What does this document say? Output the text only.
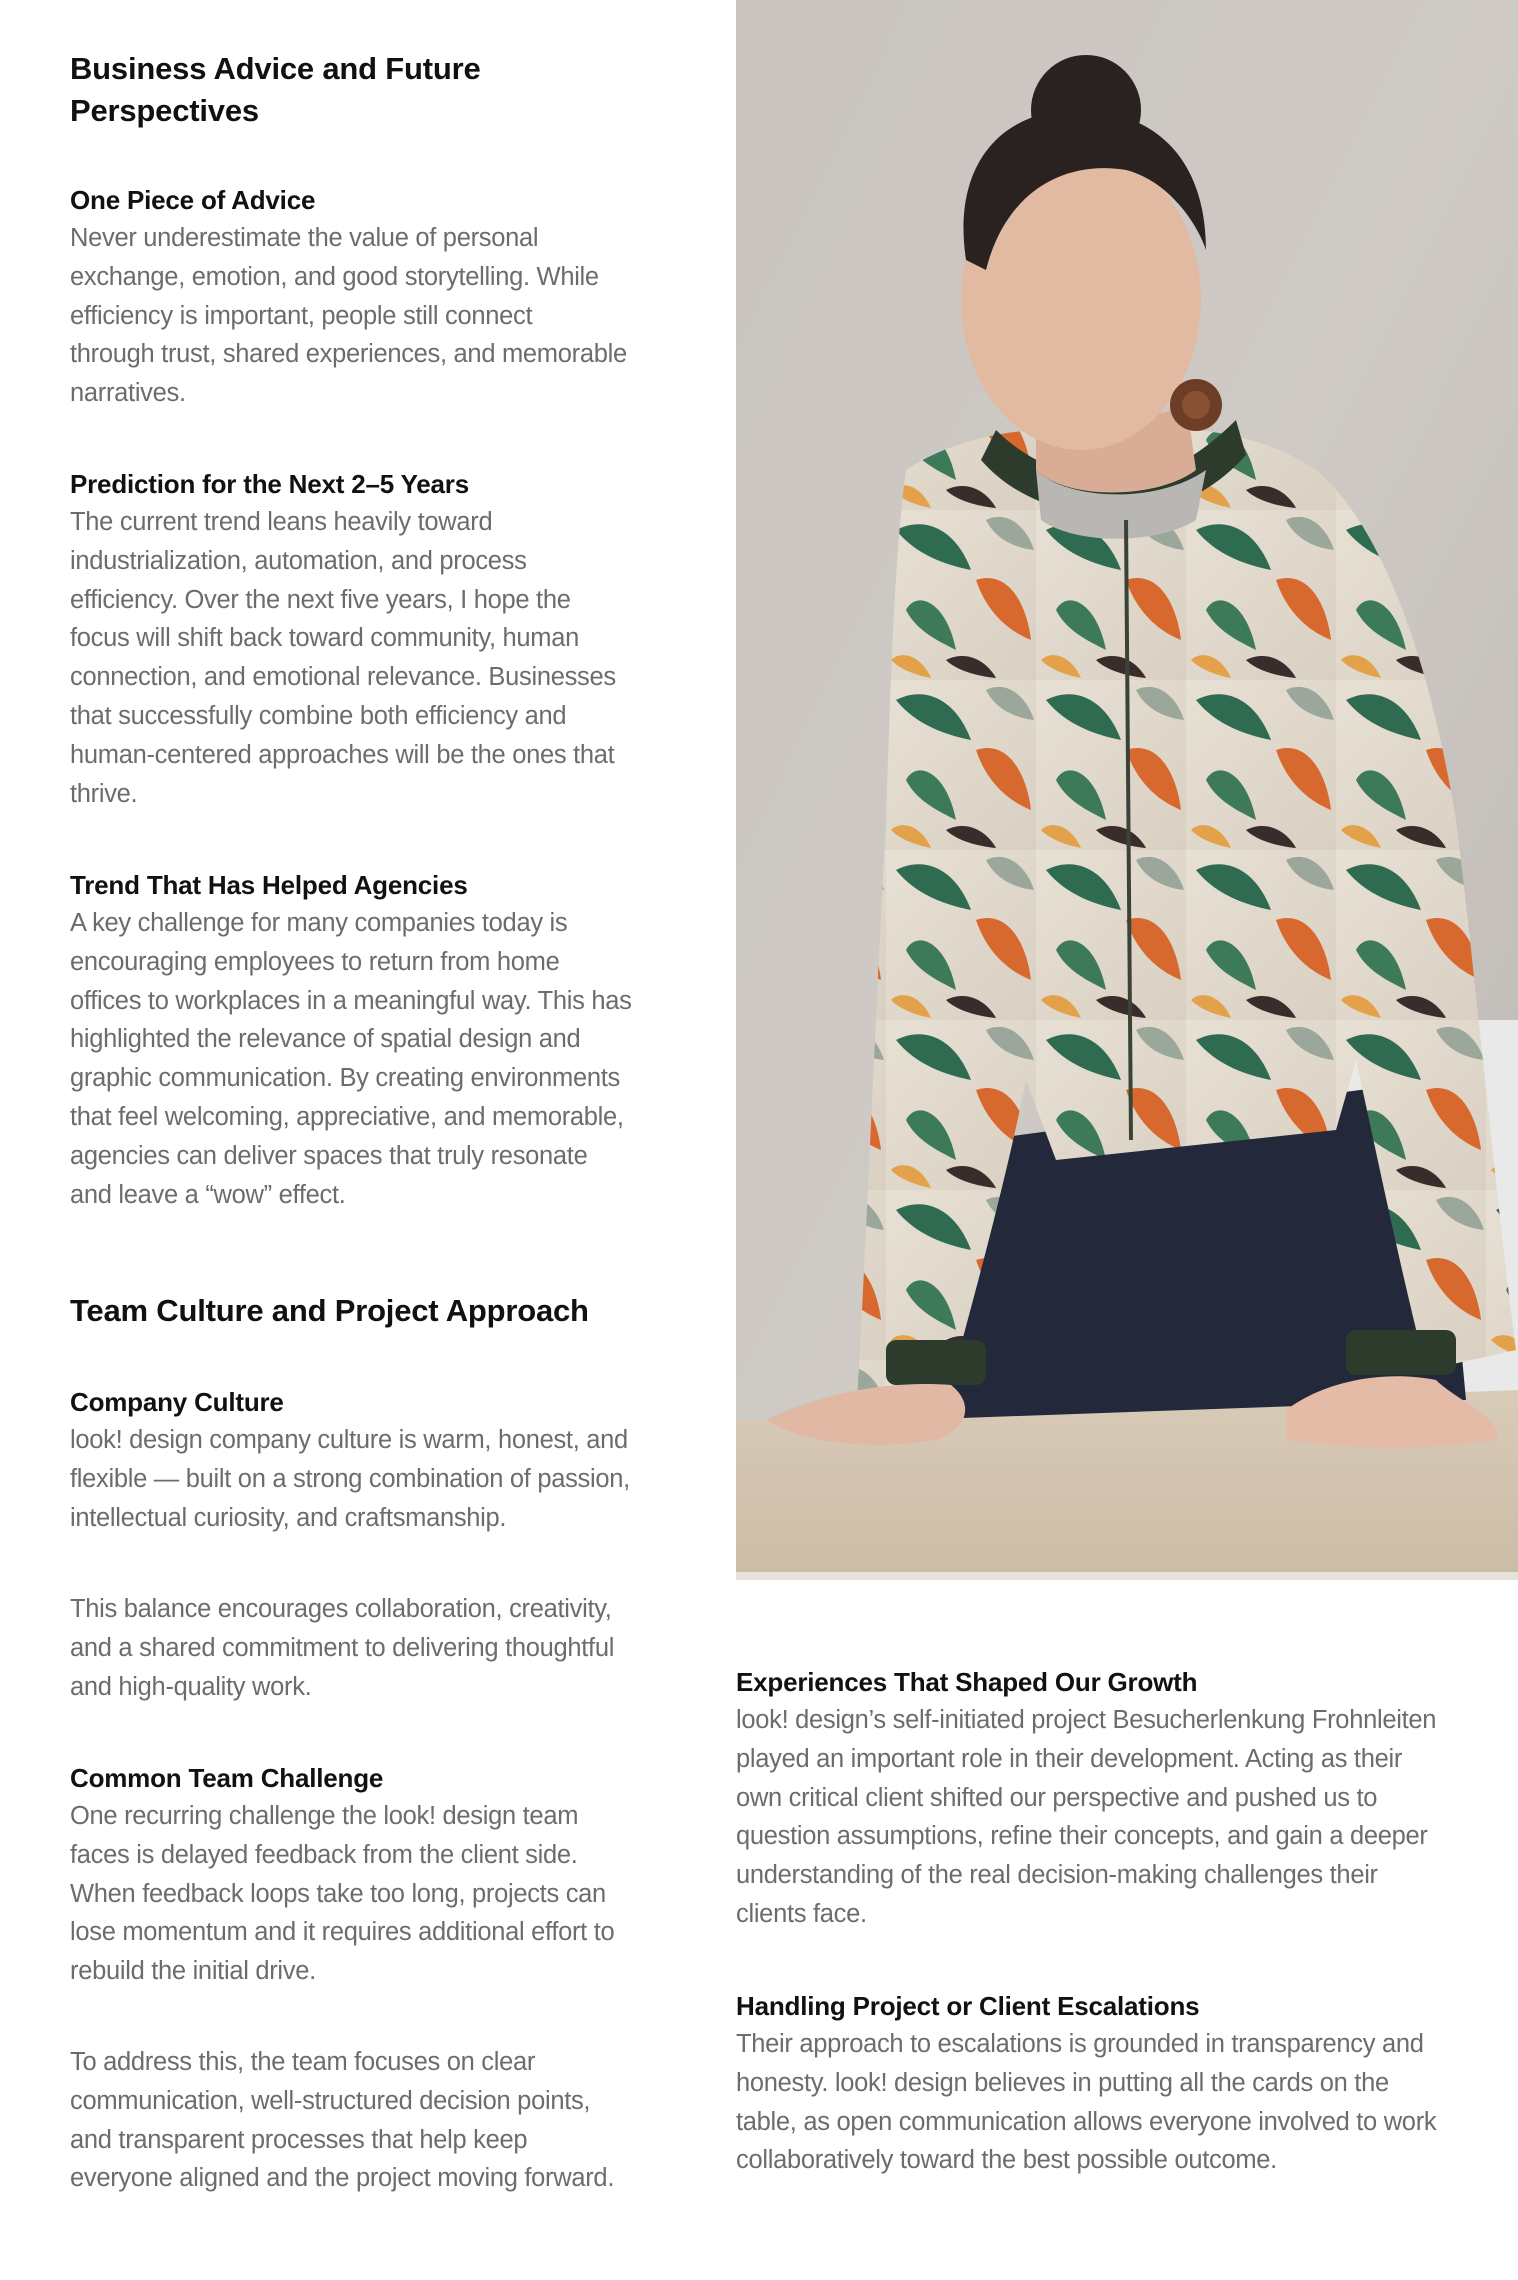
Business Advice and Future
Perspectives

One Piece of Advice

Never underestimate the value of personal
exchange, emotion, and good storytelling. While
efficiency is important, people still connect
through trust, shared experiences, and memorable
narratives.

Prediction for the Next 2–5 Years

The current trend leans heavily toward
industrialization, automation, and process
efficiency. Over the next five years, I hope the
focus will shift back toward community, human
connection, and emotional relevance. Businesses
that successfully combine both efficiency and
human-centered approaches will be the ones that
thrive.

Trend That Has Helped Agencies

A key challenge for many companies today is
encouraging employees to return from home
offices to workplaces in a meaningful way. This has
highlighted the relevance of spatial design and
graphic communication. By creating environments
that feel welcoming, appreciative, and memorable,
agencies can deliver spaces that truly resonate
and leave a “wow” effect.

Team Culture and Project Approach

Company Culture

look! design company culture is warm, honest, and
flexible — built on a strong combination of passion,
intellectual curiosity, and craftsmanship.

This balance encourages collaboration, creativity,
and a shared commitment to delivering thoughtful
and high-quality work.

Common Team Challenge

One recurring challenge the look! design team
faces is delayed feedback from the client side.
When feedback loops take too long, projects can
lose momentum and it requires additional effort to
rebuild the initial drive.

To address this, the team focuses on clear
communication, well-structured decision points,
and transparent processes that help keep
everyone aligned and the project moving forward.

Experiences That Shaped Our Growth

look! design’s self-initiated project Besucherlenkung Frohnleiten
played an important role in their development. Acting as their
own critical client shifted our perspective and pushed us to
question assumptions, refine their concepts, and gain a deeper
understanding of the real decision-making challenges their
clients face.

Handling Project or Client Escalations

Their approach to escalations is grounded in transparency and
honesty. look! design believes in putting all the cards on the
table, as open communication allows everyone involved to work
collaboratively toward the best possible outcome.
